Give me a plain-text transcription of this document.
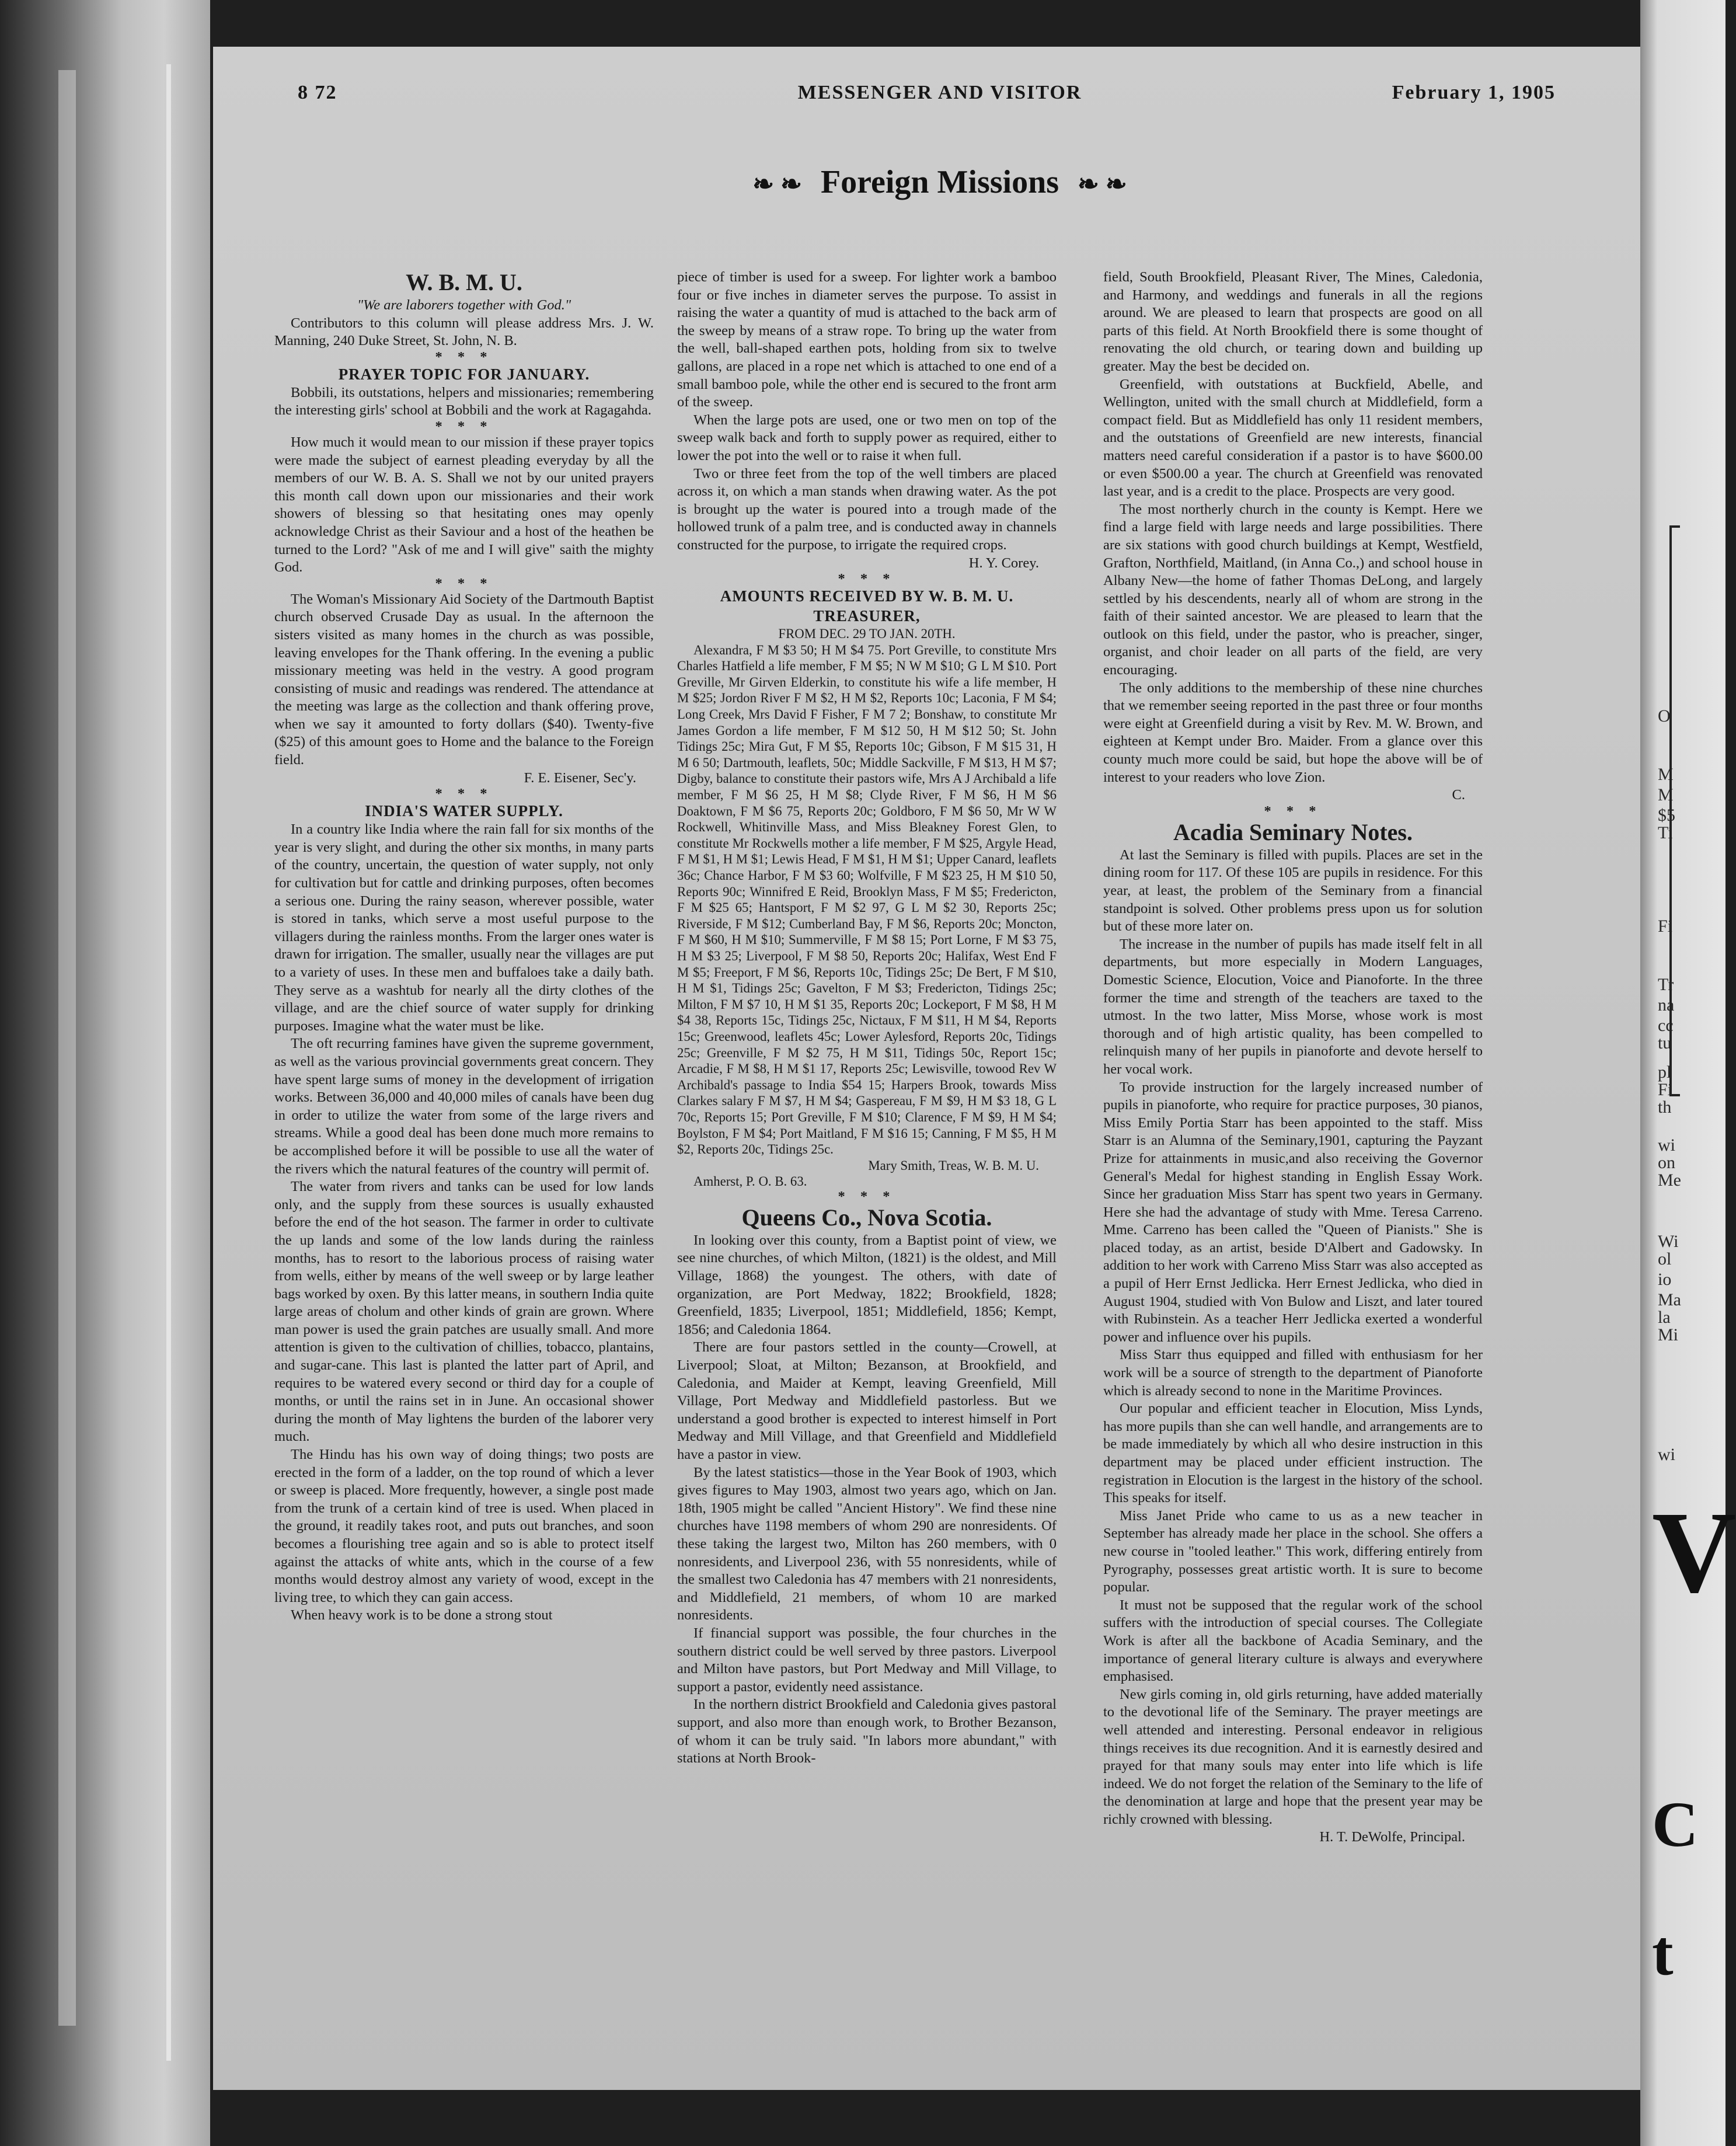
8 72	MESSENGER AND VISITOR	February 1, 1905
❧ ❧ Foreign Missions ❧ ❧
W. B. M. U.

"We are laborers together with God."

Contributors to this column will please address Mrs. J. W. Manning, 240 Duke Street, St. John, N. B.

* * *

PRAYER TOPIC FOR JANUARY.

Bobbili, its outstations, helpers and missionaries; remembering the interesting girls' school at Bobbili and the work at Ragagahda.

* * *

How much it would mean to our mission if these prayer topics were made the subject of earnest pleading everyday by all the members of our W. B. A. S. Shall we not by our united prayers this month call down upon our missionaries and their work showers of blessing so that hesitating ones may openly acknowledge Christ as their Saviour and a host of the heathen be turned to the Lord? "Ask of me and I will give" saith the mighty God.

* * *

The Woman's Missionary Aid Society of the Dartmouth Baptist church observed Crusade Day as usual. In the afternoon the sisters visited as many homes in the church as was possible, leaving envelopes for the Thank offering. In the evening a public missionary meeting was held in the vestry. A good program consisting of music and readings was rendered. The attendance at the meeting was large as the collection and thank offering prove, when we say it amounted to forty dollars ($40). Twenty-five ($25) of this amount goes to Home and the balance to the Foreign field.

F. E. Eisener, Sec'y.

* * *

INDIA'S WATER SUPPLY.

In a country like India where the rain fall for six months of the year is very slight, and during the other six months, in many parts of the country, uncertain, the question of water supply, not only for cultivation but for cattle and drinking purposes, often becomes a serious one. During the rainy season, wherever possible, water is stored in tanks, which serve a most useful purpose to the villagers during the rainless months. From the larger ones water is drawn for irrigation. The smaller, usually near the villages are put to a variety of uses. In these men and buffaloes take a daily bath. They serve as a washtub for nearly all the dirty clothes of the village, and are the chief source of water supply for drinking purposes. Imagine what the water must be like.

The oft recurring famines have given the supreme government, as well as the various provincial governments great concern. They have spent large sums of money in the development of irrigation works. Between 36,000 and 40,000 miles of canals have been dug in order to utilize the water from some of the large rivers and streams. While a good deal has been done much more remains to be accomplished before it will be possible to use all the water of the rivers which the natural features of the country will permit of.

The water from rivers and tanks can be used for low lands only, and the supply from these sources is usually exhausted before the end of the hot season. The farmer in order to cultivate the up lands and some of the low lands during the rainless months, has to resort to the laborious process of raising water from wells, either by means of the well sweep or by large leather bags worked by oxen. By this latter means, in southern India quite large areas of cholum and other kinds of grain are grown. Where man power is used the grain patches are usually small. And more attention is given to the cultivation of chillies, tobacco, plantains, and sugar-cane. This last is planted the latter part of April, and requires to be watered every second or third day for a couple of months, or until the rains set in in June. An occasional shower during the month of May lightens the burden of the laborer very much.

The Hindu has his own way of doing things; two posts are erected in the form of a ladder, on the top round of which a lever or sweep is placed. More frequently, however, a single post made from the trunk of a certain kind of tree is used. When placed in the ground, it readily takes root, and puts out branches, and soon becomes a flourishing tree again and so is able to protect itself against the attacks of white ants, which in the course of a few months would destroy almost any variety of wood, except in the living tree, to which they can gain access.

When heavy work is to be done a strong stout

piece of timber is used for a sweep. For lighter work a bamboo four or five inches in diameter serves the purpose. To assist in raising the water a quantity of mud is attached to the back arm of the sweep by means of a straw rope. To bring up the water from the well, ball-shaped earthen pots, holding from six to twelve gallons, are placed in a rope net which is attached to one end of a small bamboo pole, while the other end is secured to the front arm of the sweep.

When the large pots are used, one or two men on top of the sweep walk back and forth to supply power as required, either to lower the pot into the well or to raise it when full.

Two or three feet from the top of the well timbers are placed across it, on which a man stands when drawing water. As the pot is brought up the water is poured into a trough made of the hollowed trunk of a palm tree, and is conducted away in channels constructed for the purpose, to irrigate the required crops.

H. Y. Corey.

* * *

AMOUNTS RECEIVED BY W. B. M. U. TREASURER,

FROM DEC. 29 TO JAN. 20TH.

Alexandra, F M $3 50; H M $4 75. Port Greville, to constitute Mrs Charles Hatfield a life member, F M $5; N W M $10; G L M $10. Port Greville, Mr Girven Elderkin, to constitute his wife a life member, H M $25; Jordon River F M $2, H M $2, Reports 10c; Laconia, F M $4; Long Creek, Mrs David F Fisher, F M 7 2; Bonshaw, to constitute Mr James Gordon a life member, F M $12 50, H M $12 50; St. John Tidings 25c; Mira Gut, F M $5, Reports 10c; Gibson, F M $15 31, H M 6 50; Dartmouth, leaflets, 50c; Middle Sackville, F M $13, H M $7; Digby, balance to constitute their pastors wife, Mrs A J Archibald a life member, F M $6 25, H M $8; Clyde River, F M $6, H M $6 Doaktown, F M $6 75, Reports 20c; Goldboro, F M $6 50, Mr W W Rockwell, Whitinville Mass, and Miss Bleakney Forest Glen, to constitute Mr Rockwells mother a life member, F M $25, Argyle Head, F M $1, H M $1; Lewis Head, F M $1, H M $1; Upper Canard, leaflets 36c; Chance Harbor, F M $3 60; Wolfville, F M $23 25, H M $10 50, Reports 90c; Winnifred E Reid, Brooklyn Mass, F M $5; Fredericton, F M $25 65; Hantsport, F M $2 97, G L M $2 30, Reports 25c; Riverside, F M $12; Cumberland Bay, F M $6, Reports 20c; Moncton, F M $60, H M $10; Summerville, F M $8 15; Port Lorne, F M $3 75, H M $3 25; Liverpool, F M $8 50, Reports 20c; Halifax, West End F M $5; Freeport, F M $6, Reports 10c, Tidings 25c; De Bert, F M $10, H M $1, Tidings 25c; Gavelton, F M $3; Fredericton, Tidings 25c; Milton, F M $7 10, H M $1 35, Reports 20c; Lockeport, F M $8, H M $4 38, Reports 15c, Tidings 25c, Nictaux, F M $11, H M $4, Reports 15c; Greenwood, leaflets 45c; Lower Aylesford, Reports 20c, Tidings 25c; Greenville, F M $2 75, H M $11, Tidings 50c, Report 15c; Arcadie, F M $8, H M $1 17, Reports 25c; Lewisville, towood Rev W Archibald's passage to India $54 15; Harpers Brook, towards Miss Clarkes salary F M $7, H M $4; Gaspereau, F M $9, H M $3 18, G L 70c, Reports 15; Port Greville, F M $10; Clarence, F M $9, H M $4; Boylston, F M $4; Port Maitland, F M $16 15; Canning, F M $5, H M $2, Reports 20c, Tidings 25c.

Mary Smith, Treas, W. B. M. U.

Amherst, P. O. B. 63.

* * *

Queens Co., Nova Scotia.

In looking over this county, from a Baptist point of view, we see nine churches, of which Milton, (1821) is the oldest, and Mill Village, 1868) the youngest. The others, with date of organization, are Port Medway, 1822; Brookfield, 1828; Greenfield, 1835; Liverpool, 1851; Middlefield, 1856; Kempt, 1856; and Caledonia 1864.

There are four pastors settled in the county—Crowell, at Liverpool; Sloat, at Milton; Bezanson, at Brookfield, and Caledonia, and Maider at Kempt, leaving Greenfield, Mill Village, Port Medway and Middlefield pastorless. But we understand a good brother is expected to interest himself in Port Medway and Mill Village, and that Greenfield and Middlefield have a pastor in view.

By the latest statistics—those in the Year Book of 1903, which gives figures to May 1903, almost two years ago, which on Jan. 18th, 1905 might be called "Ancient History". We find these nine churches have 1198 members of whom 290 are nonresidents. Of these taking the largest two, Milton has 260 members, with 0 nonresidents, and Liverpool 236, with 55 nonresidents, while of the smallest two Caledonia has 47 members with 21 nonresidents, and Middlefield, 21 members, of whom 10 are marked nonresidents.

If financial support was possible, the four churches in the southern district could be well served by three pastors. Liverpool and Milton have pastors, but Port Medway and Mill Village, to support a pastor, evidently need assistance.

In the northern district Brookfield and Caledonia gives pastoral support, and also more than enough work, to Brother Bezanson, of whom it can be truly said. "In labors more abundant," with stations at North Brook-

field, South Brookfield, Pleasant River, The Mines, Caledonia, and Harmony, and weddings and funerals in all the regions around. We are pleased to learn that prospects are good on all parts of this field. At North Brookfield there is some thought of renovating the old church, or tearing down and building up greater. May the best be decided on.

Greenfield, with outstations at Buckfield, Abelle, and Wellington, united with the small church at Middlefield, form a compact field. But as Middlefield has only 11 resident members, and the outstations of Greenfield are new interests, financial matters need careful consideration if a pastor is to have $600.00 or even $500.00 a year. The church at Greenfield was renovated last year, and is a credit to the place. Prospects are very good.

The most northerly church in the county is Kempt. Here we find a large field with large needs and large possibilities. There are six stations with good church buildings at Kempt, Westfield, Grafton, Northfield, Maitland, (in Anna Co.,) and school house in Albany New—the home of father Thomas DeLong, and largely settled by his descendents, nearly all of whom are strong in the faith of their sainted ancestor. We are pleased to learn that the outlook on this field, under the pastor, who is preacher, singer, organist, and choir leader on all parts of the field, are very encouraging.

The only additions to the membership of these nine churches that we remember seeing reported in the past three or four months were eight at Greenfield during a visit by Rev. M. W. Brown, and eighteen at Kempt under Bro. Maider. From a glance over this county much more could be said, but hope the above will be of interest to your readers who love Zion.

C.

* * *

Acadia Seminary Notes.

At last the Seminary is filled with pupils. Places are set in the dining room for 117. Of these 105 are pupils in residence. For this year, at least, the problem of the Seminary from a financial standpoint is solved. Other problems press upon us for solution but of these more later on.

The increase in the number of pupils has made itself felt in all departments, but more especially in Modern Languages, Domestic Science, Elocution, Voice and Pianoforte. In the three former the time and strength of the teachers are taxed to the utmost. In the two latter, Miss Morse, whose work is most thorough and of high artistic quality, has been compelled to relinquish many of her pupils in pianoforte and devote herself to her vocal work.

To provide instruction for the largely increased number of pupils in pianoforte, who require for practice purposes, 30 pianos, Miss Emily Portia Starr has been appointed to the staff. Miss Starr is an Alumna of the Seminary,1901, capturing the Payzant Prize for attainments in music,and also receiving the Governor General's Medal for highest standing in English Essay Work. Since her graduation Miss Starr has spent two years in Germany. Here she had the advantage of study with Mme. Teresa Carreno. Mme. Carreno has been called the "Queen of Pianists." She is placed today, as an artist, beside D'Albert and Gadowsky. In addition to her work with Carreno Miss Starr was also accepted as a pupil of Herr Ernst Jedlicka. Herr Ernest Jedlicka, who died in August 1904, studied with Von Bulow and Liszt, and later toured with Rubinstein. As a teacher Herr Jedlicka exerted a wonderful power and influence over his pupils.

Miss Starr thus equipped and filled with enthusiasm for her work will be a source of strength to the department of Pianoforte which is already second to none in the Maritime Provinces.

Our popular and efficient teacher in Elocution, Miss Lynds, has more pupils than she can well handle, and arrangements are to be made immediately by which all who desire instruction in this department may be placed under efficient instruction. The registration in Elocution is the largest in the history of the school. This speaks for itself.

Miss Janet Pride who came to us as a new teacher in September has already made her place in the school. She offers a new course in "tooled leather." This work, differing entirely from Pyrography, possesses great artistic worth. It is sure to become popular.

It must not be supposed that the regular work of the school suffers with the introduction of special courses. The Collegiate Work is after all the backbone of Acadia Seminary, and the importance of general literary culture is always and everywhere emphasised.

New girls coming in, old girls returning, have added materially to the devotional life of the Seminary. The prayer meetings are well attended and interesting. Personal endeavor in religious things receives its due recognition. And it is earnestly desired and prayed for that many souls may enter into life which is life indeed. We do not forget the relation of the Seminary to the life of the denomination at large and hope that the present year may be richly crowned with blessing.

H. T. DeWolfe, Principal.

O
M
M
$5
Ti
Fi
Tr
na
cc
tu
pl
Fi
th
wi
on
Me
Wi
ol
io
Ma
la
Mi
wi
V
C
t
